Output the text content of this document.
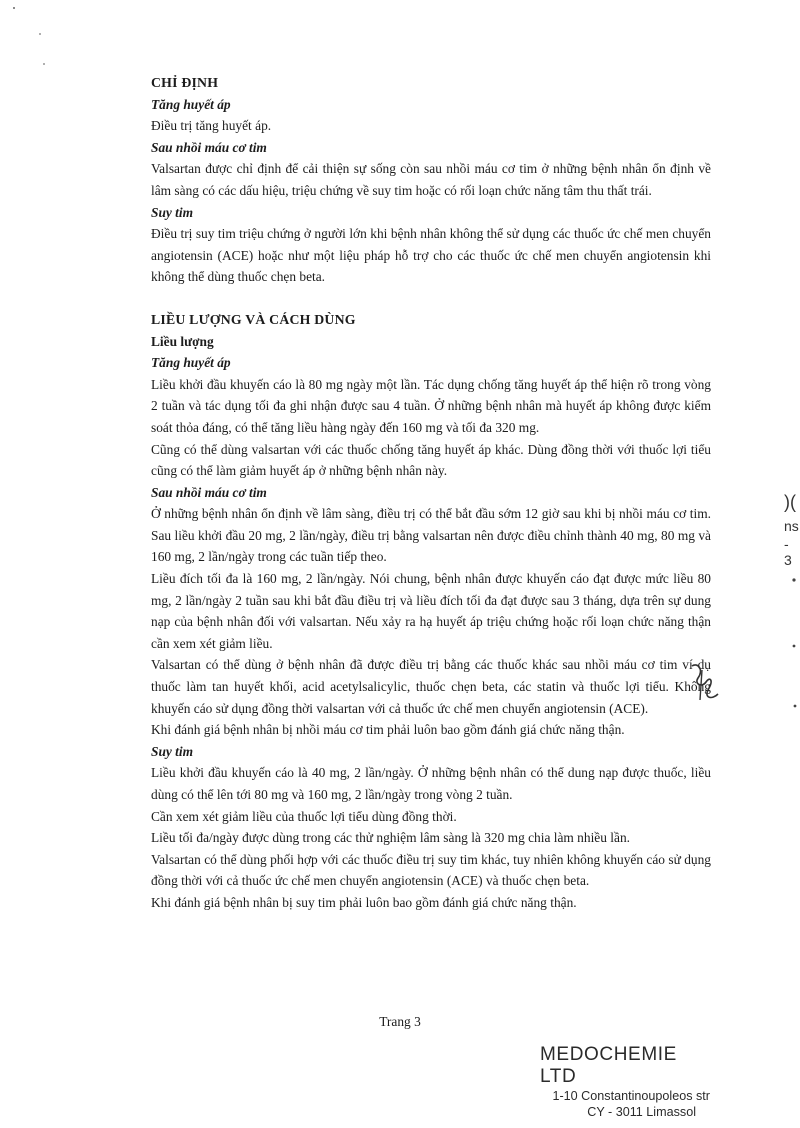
CHỈ ĐỊNH

Tăng huyết áp

Điều trị tăng huyết áp.

Sau nhồi máu cơ tim

Valsartan được chỉ định để cải thiện sự sống còn sau nhồi máu cơ tim ở những bệnh nhân ổn định về lâm sàng có các dấu hiệu, triệu chứng về suy tim hoặc có rối loạn chức năng tâm thu thất trái.

Suy tim

Điều trị suy tim triệu chứng ở người lớn khi bệnh nhân không thể sử dụng các thuốc ức chế men chuyển angiotensin (ACE) hoặc như một liệu pháp hỗ trợ cho các thuốc ức chế men chuyển angiotensin khi không thể dùng thuốc chẹn beta.

LIỀU LƯỢNG VÀ CÁCH DÙNG

Liều lượng

Tăng huyết áp

Liều khởi đầu khuyến cáo là 80 mg ngày một lần. Tác dụng chống tăng huyết áp thể hiện rõ trong vòng 2 tuần và tác dụng tối đa ghi nhận được sau 4 tuần. Ở những bệnh nhân mà huyết áp không được kiểm soát thỏa đáng, có thể tăng liều hàng ngày đến 160 mg và tối đa 320 mg.

Cũng có thể dùng valsartan với các thuốc chống tăng huyết áp khác. Dùng đồng thời với thuốc lợi tiểu cũng có thể làm giảm huyết áp ở những bệnh nhân này.

Sau nhồi máu cơ tim

Ở những bệnh nhân ổn định về lâm sàng, điều trị có thể bắt đầu sớm 12 giờ sau khi bị nhồi máu cơ tim. Sau liều khởi đầu 20 mg, 2 lần/ngày, điều trị bằng valsartan nên được điều chỉnh thành 40 mg, 80 mg và 160 mg, 2 lần/ngày trong các tuần tiếp theo.

Liều đích tối đa là 160 mg, 2 lần/ngày. Nói chung, bệnh nhân được khuyến cáo đạt được mức liều 80 mg, 2 lần/ngày 2 tuần sau khi bắt đầu điều trị và liều đích tối đa đạt được sau 3 tháng, dựa trên sự dung nạp của bệnh nhân đối với valsartan. Nếu xảy ra hạ huyết áp triệu chứng hoặc rối loạn chức năng thận cần xem xét giảm liều.

Valsartan có thể dùng ở bệnh nhân đã được điều trị bằng các thuốc khác sau nhồi máu cơ tim ví dụ thuốc làm tan huyết khối, acid acetylsalicylic, thuốc chẹn beta, các statin và thuốc lợi tiểu. Không khuyến cáo sử dụng đồng thời valsartan với cả thuốc ức chế men chuyển angiotensin (ACE).

Khi đánh giá bệnh nhân bị nhồi máu cơ tim phải luôn bao gồm đánh giá chức năng thận.

Suy tim

Liều khởi đầu khuyến cáo là 40 mg, 2 lần/ngày. Ở những bệnh nhân có thể dung nạp được thuốc, liều dùng có thể lên tới 80 mg và 160 mg, 2 lần/ngày trong vòng 2 tuần.

Cần xem xét giảm liều của thuốc lợi tiểu dùng đồng thời.

Liều tối đa/ngày được dùng trong các thử nghiệm lâm sàng là 320 mg chia làm nhiều lần.

Valsartan có thể dùng phối hợp với các thuốc điều trị suy tim khác, tuy nhiên không khuyến cáo sử dụng đồng thời với cả thuốc ức chế men chuyển angiotensin (ACE) và thuốc chẹn beta.

Khi đánh giá bệnh nhân bị suy tim phải luôn bao gồm đánh giá chức năng thận.

Trang 3
MEDOCHEMIE LTD
1-10 Constantinoupoleos str
CY - 3011 Limassol
)(
ns
- 3
